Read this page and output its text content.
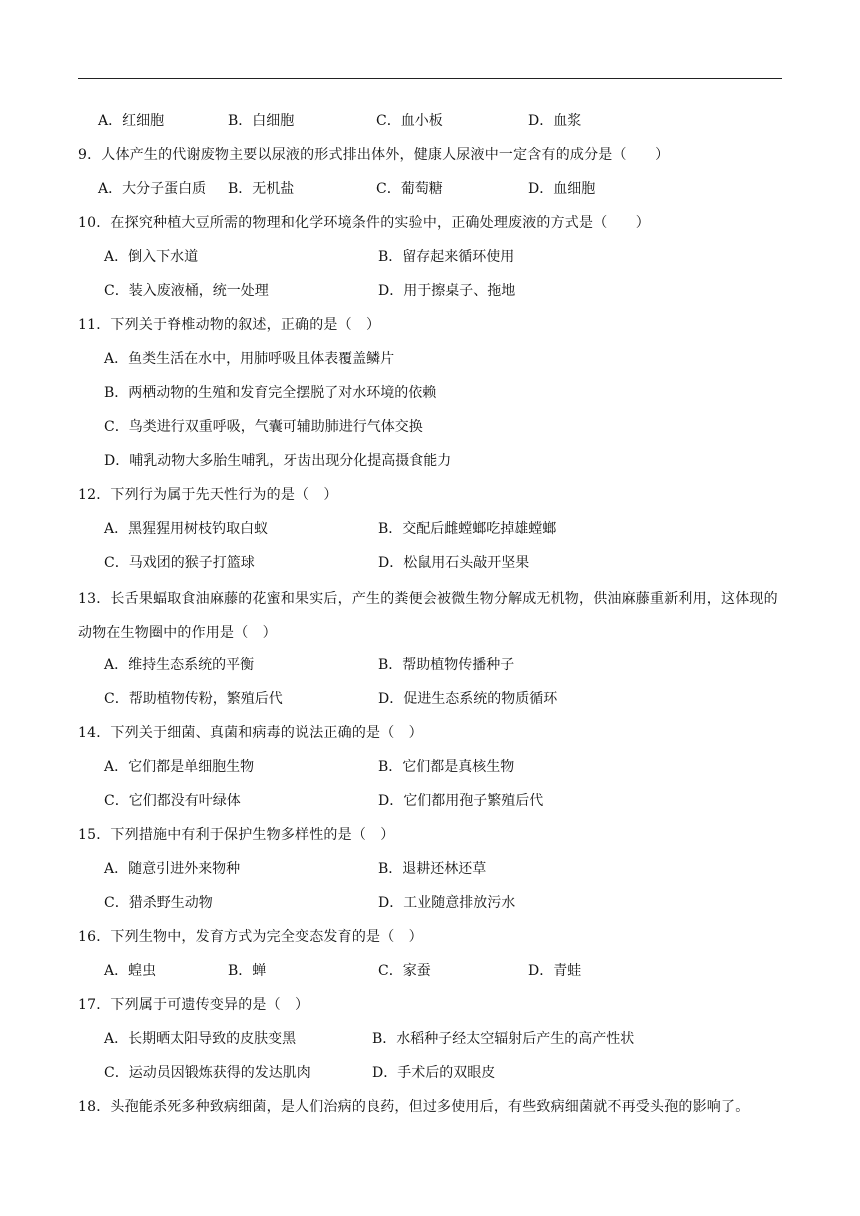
A．红细胞	B．白细胞	C．血小板	D．血浆
9．人体产生的代谢废物主要以尿液的形式排出体外，健康人尿液中一定含有的成分是（　　）
A．大分子蛋白质 B．无机盐	C．葡萄糖	D．血细胞
10．在探究种植大豆所需的物理和化学环境条件的实验中，正确处理废液的方式是（　　）
A．倒入下水道	B．留存起来循环使用
C．装入废液桶，统一处理	D．用于擦桌子、拖地
11．下列关于脊椎动物的叙述，正确的是（　）
A．鱼类生活在水中，用肺呼吸且体表覆盖鳞片
B．两栖动物的生殖和发育完全摆脱了对水环境的依赖
C．鸟类进行双重呼吸，气囊可辅助肺进行气体交换
D．哺乳动物大多胎生哺乳，牙齿出现分化提高摄食能力
12．下列行为属于先天性行为的是（　）
A．黑猩猩用树枝钓取白蚁	B．交配后雌螳螂吃掉雄螳螂
C．马戏团的猴子打篮球	D．松鼠用石头敲开坚果
13．长舌果蝠取食油麻藤的花蜜和果实后，产生的粪便会被微生物分解成无机物，供油麻藤重新利用，这体现的动物在生物圈中的作用是（　）
A．维持生态系统的平衡	B．帮助植物传播种子
C．帮助植物传粉，繁殖后代	D．促进生态系统的物质循环
14．下列关于细菌、真菌和病毒的说法正确的是（　）
A．它们都是单细胞生物	B．它们都是真核生物
C．它们都没有叶绿体	D．它们都用孢子繁殖后代
15．下列措施中有利于保护生物多样性的是（　）
A．随意引进外来物种	B．退耕还林还草
C．猎杀野生动物	D．工业随意排放污水
16．下列生物中，发育方式为完全变态发育的是（　）
A．蝗虫	B．蝉	C．家蚕	D．青蛙
17．下列属于可遗传变异的是（　）
A．长期晒太阳导致的皮肤变黑	B．水稻种子经太空辐射后产生的高产性状
C．运动员因锻炼获得的发达肌肉	D．手术后的双眼皮
18．头孢能杀死多种致病细菌，是人们治病的良药，但过多使用后，有些致病细菌就不再受头孢的影响了。
